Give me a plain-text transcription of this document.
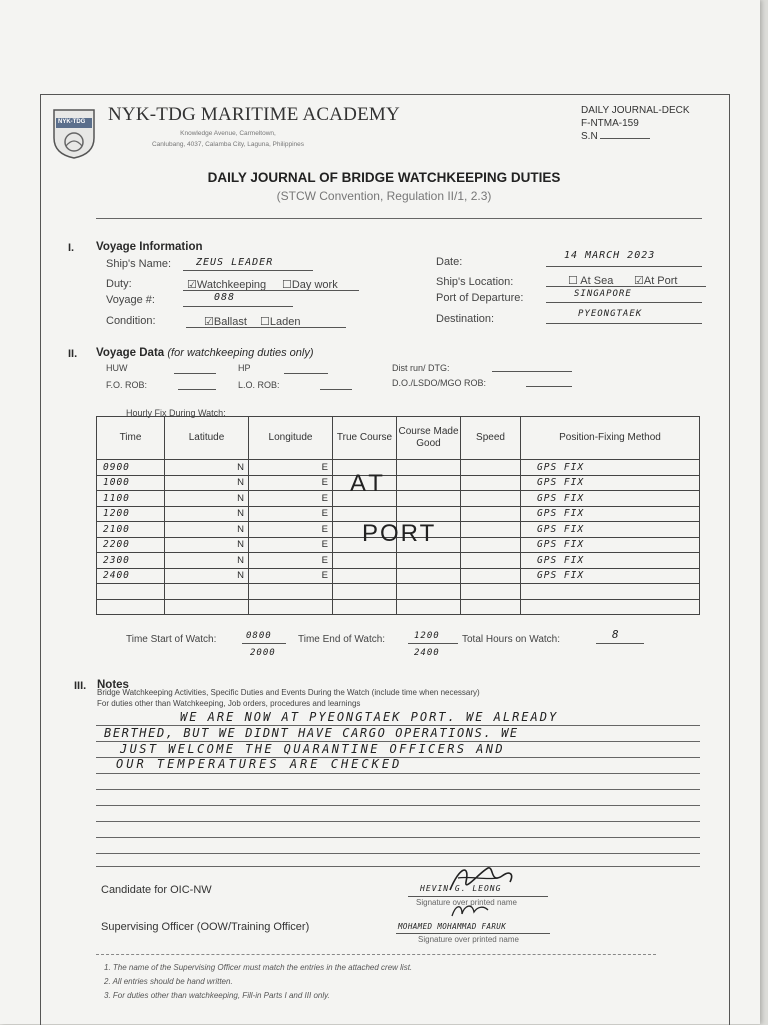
NYK-TDG NYK-TDG MARITIME ACADEMY
Knowledge Avenue, Carmeltown,
Canlubang, 4037, Calamba City, Laguna, Philippines
DAILY JOURNAL-DECK
F-NTMA-159
S.N
DAILY JOURNAL OF BRIDGE WATCHKEEPING DUTIES
(STCW Convention, Regulation II/1, 2.3)
I. Voyage Information
Ship's Name: ZEUS LEADER
Duty:	☑Watchkeeping ☐Day work
Voyage #:	088
Condition:	☑Ballast ☐Laden
Date:
14 MARCH 2023
Ship's Location:	☐ At Sea ☑At Port
Port of Departure:	SINGAPORE
Destination:	PYEONGTAEK
II. Voyage Data (for watchkeeping duties only)
HUW	HP	Dist run/ DTG:
F.O. ROB:	L.O. ROB:	D.O./LSDO/MGO ROB:
Hourly Fix During Watch:
Time	Latitude	Longitude	True Course	Course Made Good	Speed	Position-Fixing Method
0900	N	E				GPS FIX
1000	N	E				GPS FIX
1100	N	E				GPS FIX
1200	N	E				GPS FIX
2100	N	E				GPS FIX
2200	N	E				GPS FIX
2300	N	E				GPS FIX
2400	N	E				GPS FIX

AT
PORT
Time Start of Watch:	0800
2000
Time End of Watch:	1200
2400
Total Hours on Watch:	8
III. Notes
Bridge Watchkeeping Activities, Specific Duties and Events During the Watch (include time when necessary)
For duties other than Watchkeeping, Job orders, procedures and learnings
WE ARE NOW AT PYEONGTAEK PORT. WE ALREADY
BERTHED, BUT WE DIDNT HAVE CARGO OPERATIONS. WE
JUST WELCOME THE QUARANTINE OFFICERS AND
OUR TEMPERATURES ARE CHECKED
Candidate for OIC-NW	HEVIN G. LEONG
Signature over printed name
Supervising Officer (OOW/Training Officer)	MOHAMED MOHAMMAD FARUK
Signature over printed name
1. The name of the Supervising Officer must match the entries in the attached crew list.
2. All entries should be hand written.
3. For duties other than watchkeeping, Fill-in Parts I and III only.
